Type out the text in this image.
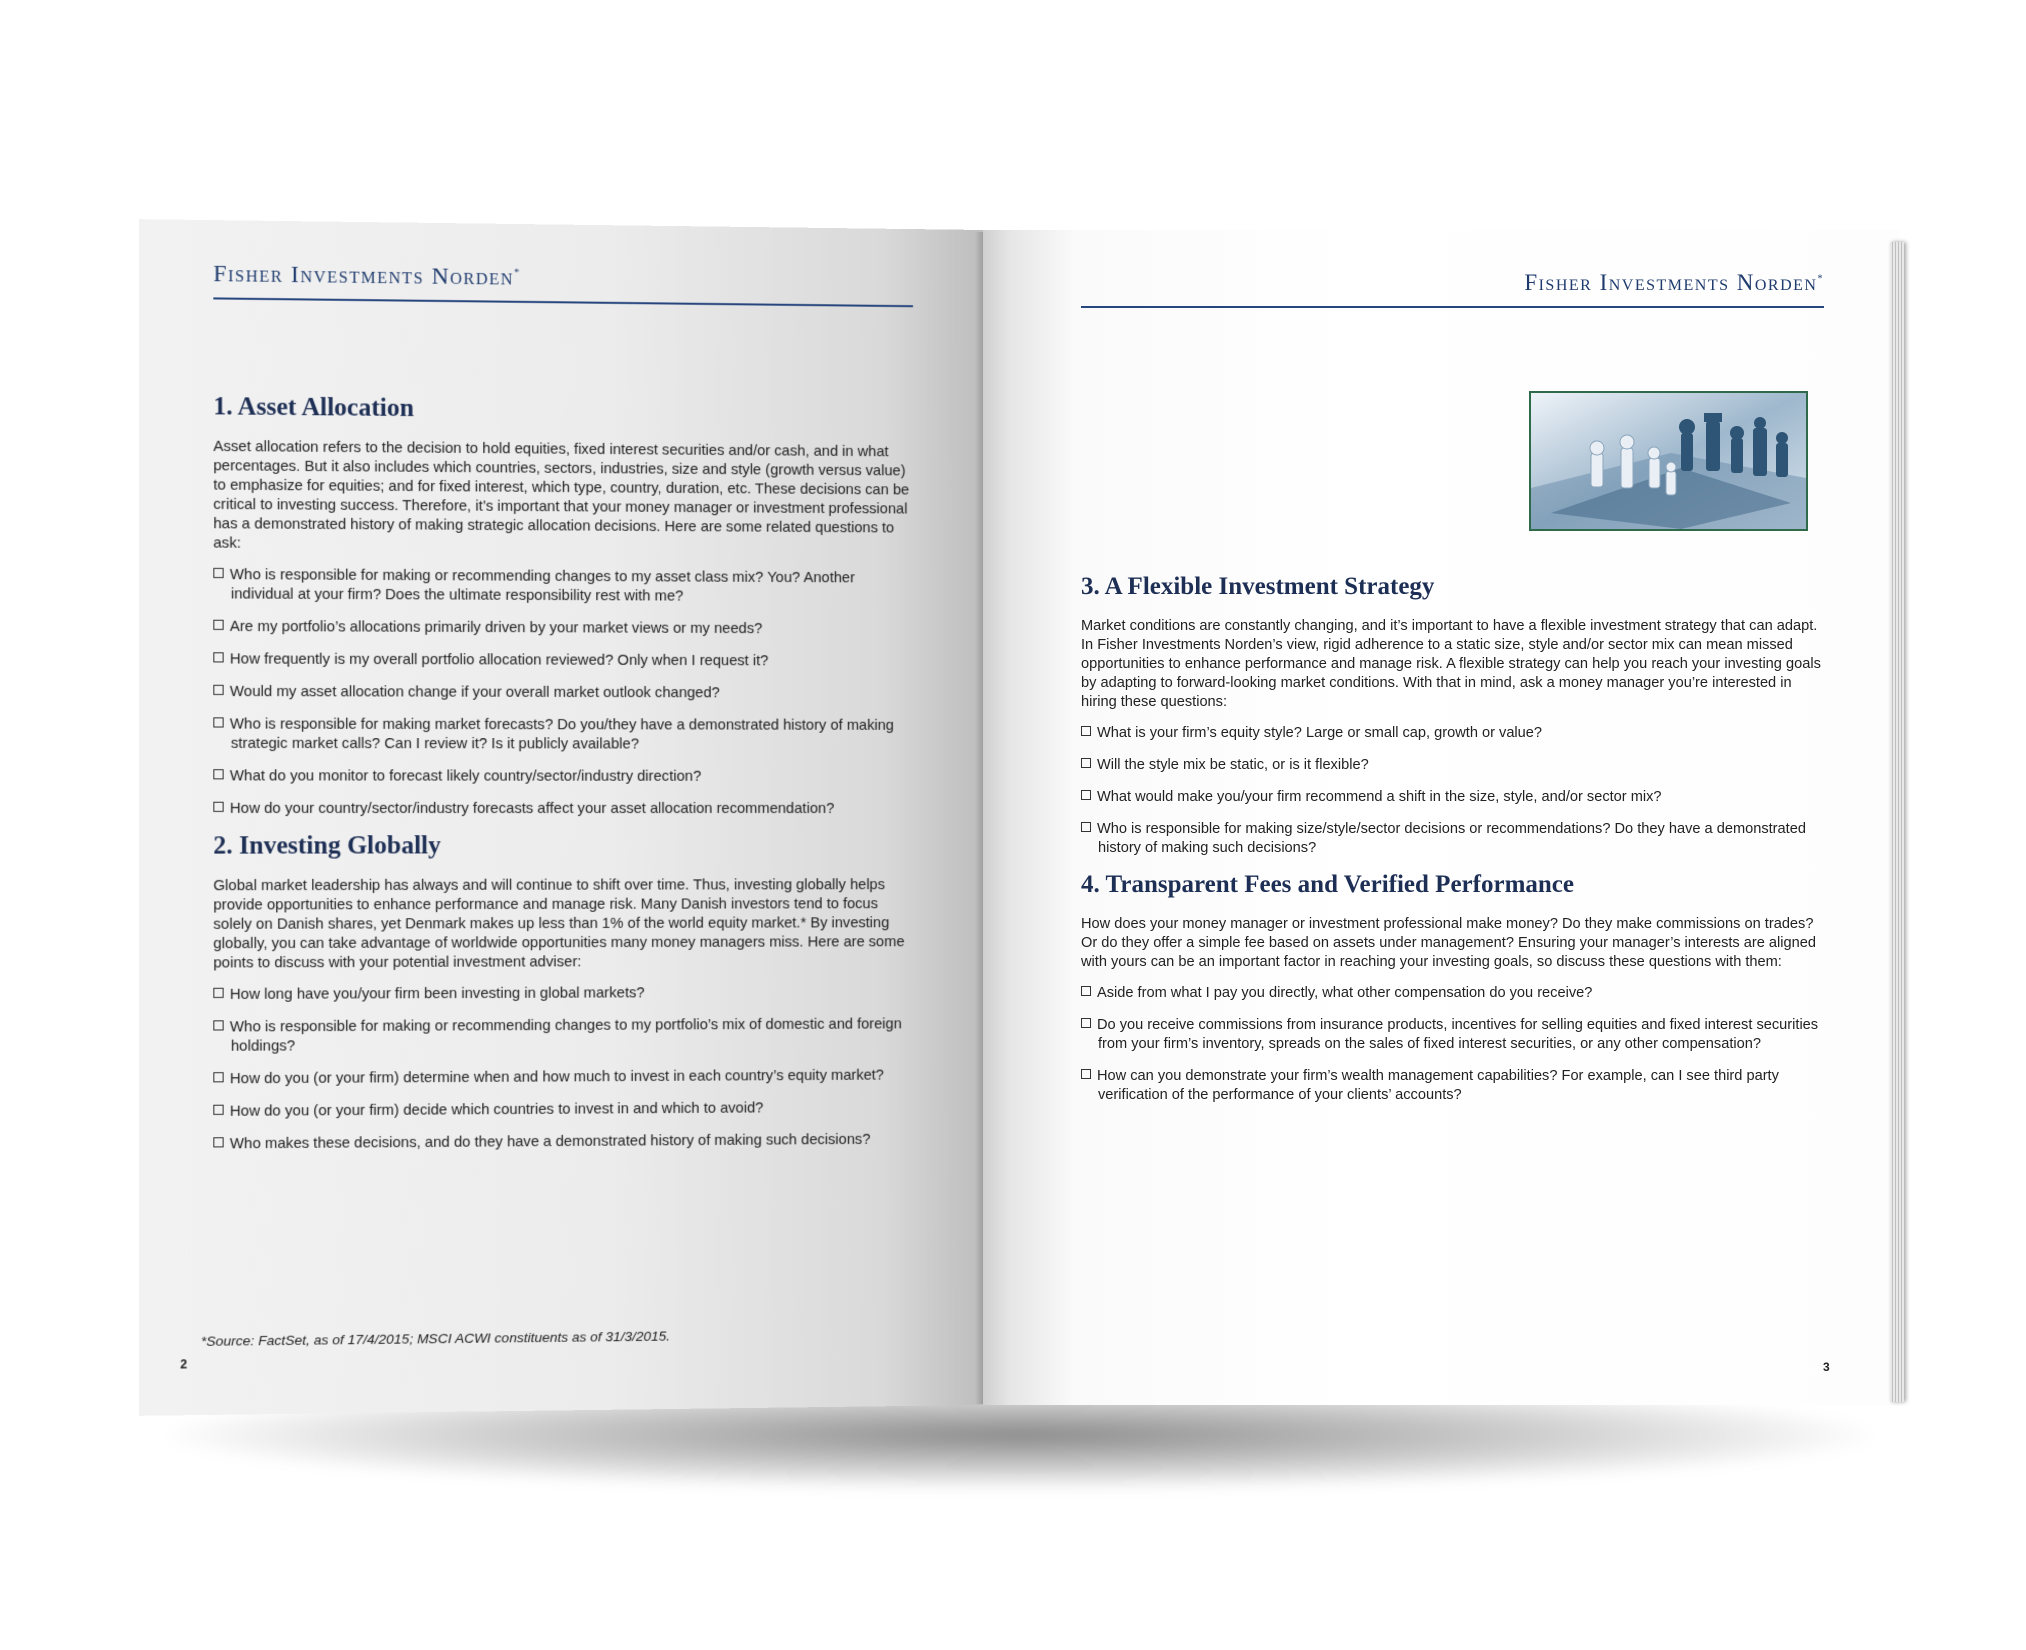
Fisher Investments Norden*

1. Asset Allocation

Asset allocation refers to the decision to hold equities, fixed interest securities and/or cash, and in what percentages. But it also includes which countries, sectors, industries, size and style (growth versus value) to emphasize for equities; and for fixed interest, which type, country, duration, etc. These decisions can be critical to investing success. Therefore, it’s important that your money manager or investment professional has a demonstrated history of making strategic allocation decisions. Here are some related questions to ask:

Who is responsible for making or recommending changes to my asset class mix? You? Another individual at your firm? Does the ultimate responsibility rest with me?
Are my portfolio’s allocations primarily driven by your market views or my needs?
How frequently is my overall portfolio allocation reviewed? Only when I request it?
Would my asset allocation change if your overall market outlook changed?
Who is responsible for making market forecasts? Do you/they have a demonstrated history of making strategic market calls? Can I review it? Is it publicly available?
What do you monitor to forecast likely country/sector/industry direction?
How do your country/sector/industry forecasts affect your asset allocation recommendation?
2. Investing Globally

Global market leadership has always and will continue to shift over time. Thus, investing globally helps provide opportunities to enhance performance and manage risk. Many Danish investors tend to focus solely on Danish shares, yet Denmark makes up less than 1% of the world equity market.* By investing globally, you can take advantage of worldwide opportunities many money managers miss. Here are some points to discuss with your potential investment adviser:

How long have you/your firm been investing in global markets?
Who is responsible for making or recommending changes to my portfolio’s mix of domestic and foreign holdings?
How do you (or your firm) determine when and how much to invest in each country’s equity market?
How do you (or your firm) decide which countries to invest in and which to avoid?
Who makes these decisions, and do they have a demonstrated history of making such decisions?
*Source: FactSet, as of 17/4/2015; MSCI ACWI constituents as of 31/3/2015.
2

Fisher Investments Norden*

3. A Flexible Investment Strategy

Market conditions are constantly changing, and it’s important to have a flexible investment strategy that can adapt. In Fisher Investments Norden’s view, rigid adherence to a static size, style and/or sector mix can mean missed opportunities to enhance performance and manage risk. A flexible strategy can help you reach your investing goals by adapting to forward-looking market conditions. With that in mind, ask a money manager you’re interested in hiring these questions:

What is your firm’s equity style? Large or small cap, growth or value?
Will the style mix be static, or is it flexible?
What would make you/your firm recommend a shift in the size, style, and/or sector mix?
Who is responsible for making size/style/sector decisions or recommendations? Do they have a demonstrated history of making such decisions?
4. Transparent Fees and Verified Performance

How does your money manager or investment professional make money? Do they make commissions on trades? Or do they offer a simple fee based on assets under management? Ensuring your manager’s interests are aligned with yours can be an important factor in reaching your investing goals, so discuss these questions with them:

Aside from what I pay you directly, what other compensation do you receive?
Do you receive commissions from insurance products, incentives for selling equities and fixed interest securities from your firm’s inventory, spreads on the sales of fixed interest securities, or any other compensation?
How can you demonstrate your firm’s wealth management capabilities? For example, can I see third party verification of the performance of your clients’ accounts?
3
